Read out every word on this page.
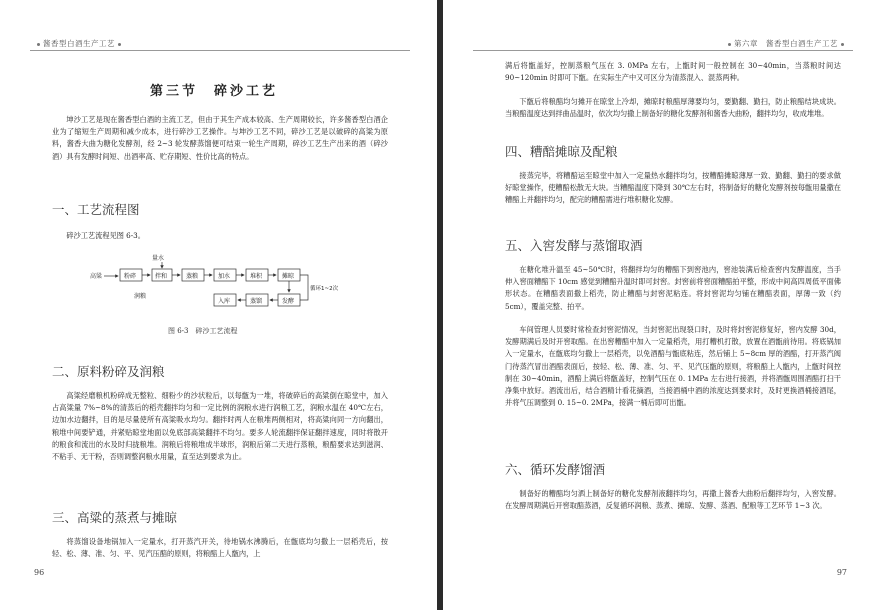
酱香型白酒生产工艺
第三节　碎沙工艺

坤沙工艺是现在酱香型白酒的主流工艺，但由于其生产成本较高、生产周期较长，许多酱香型白酒企业为了缩短生产周期和减少成本，进行碎沙工艺操作。与坤沙工艺不同，碎沙工艺是以破碎的高粱为原料，酱香大曲为糖化发酵剂，经 2~3 轮发酵蒸馏便可结束一轮生产周期，碎沙工艺生产出来的酒（碎沙酒）具有发酵时间短、出酒率高、贮存期短、性价比高的特点。

一、工艺流程图

碎沙工艺流程见图 6-3。

高粱	粉碎	拌和
量水
润粮
蒸粮	加水	堆积	摊晾
入库	蒸馏	发酵
循环1~2次
图 6-3　碎沙工艺流程
二、原料粉碎及润粮

高粱经磨粮机粉碎成无整粒、细粉少的沙状粒后，以每甑为一堆，将破碎后的高粱倒在晾堂中，加入占高粱量 7%~8%的清蒸后的稻壳翻拌均匀和一定比例的润粮水进行润粮工艺，润粮水温在 40℃左右，边加水边翻拌，目的是尽量使所有高粱吸水均匀。翻拌时两人在粮堆两侧相对，将高粱向同一方向翻出，粮堆中间要铲通，并紧贴晾堂地面以免底部高粱翻拌不均匀。要多人轮流翻拌保证翻拌速度，同时将散开的粮食和流出的水及时归拢粮堆。润粮后将粮堆成半球形，润粮后第二天进行蒸粮，粮醅要求达到滋润、不粘手、无干粉，否则调整润粮水用量，直至达到要求为止。

三、高粱的蒸煮与摊晾

将蒸馏设备地锅加入一定量水，打开蒸汽开关，待地锅水沸腾后，在甑底均匀撒上一层稻壳后，按轻、松、薄、准、匀、平、见汽压醅的原则，将粮醅上人甑内，上

96
第六章　酱香型白酒生产工艺

满后将甑盖好，控制蒸粮气压在 3. 0MPa 左右，上甑时间一般控制在 30~40min，当蒸粮时间达 90~120min 时即可下甑。在实际生产中又可区分为清蒸混入、混蒸两种。

下甑后将粮醅均匀摊开在晾堂上冷却，摊晾时粮醅厚薄要均匀，要勤翻、勤扫，防止粮醅结块成块。当粮醅温度达到拌曲品温时，依次均匀撒上制备好的糖化发酵剂和酱香大曲粉，翻拌均匀，收成堆堆。

四、糟醅摊晾及配粮

接蒸完毕，将糟醅运至晾堂中加入一定量热水翻拌均匀，按糟醅摊晾薄厚一致、勤翻、勤扫的要求做好晾堂操作，使糟醅松散无大块。当糟醅温度下降到 30℃左右时，将制备好的糖化发酵剂按每甑用量撒在糟醅上并翻拌均匀，配完的糟醅需进行堆积糖化发酵。

五、入窖发酵与蒸馏取酒

在糖化堆升温至 45~50℃时，将翻拌均匀的糟醅下到窖池内，窖池装满后检查窖内发酵温度，当手伸入窖面糟醅下 10cm 感觉到糟醅升温时即可封窖。封窖前将窖面糟醅拍平整，形成中间高四周低平面佛形状态。在糟醅表面撒上稻壳，防止糟醅与封窖泥粘连。将封窖泥均匀铺在糟醅表面，厚薄一致（约 5cm），覆盖完整、拍平。

车间管理人员要时常检查封窖泥情况，当封窖泥出现裂口时，及时将封窖泥修复好，窖内发酵 30d，发酵期满后及时开窖取醅。在出窖糟醅中加入一定量稻壳，用打糟机打散，放置在酒甑前待用。将底锅加入一定量水，在甑底均匀撒上一层稻壳，以免酒醅与甑底粘连，然后铺上 5~8cm 厚的酒醅，打开蒸汽阀门待蒸汽冒出酒醅表面后，按轻、松、薄、准、匀、平、见汽压甑的原则，将粮醅上人甑内，上甑时间控制在 30~40min，酒醅上满后将甑盖好，控制气压在 0. 1MPa 左右进行接酒，并将酒甑周围酒醅打扫干净集中放好。酒流出后，结合酒精计看花摘酒，当接酒桶中酒的浓度达到要求时，及时更换酒桶接酒尾，并将气压调整到 0. 15~0. 2MPa，接满一桶后即可出甑。

六、循环发酵馏酒

制备好的糟醅均匀洒上制备好的糖化发酵剂液翻拌均匀，再撒上酱香大曲粉后翻拌均匀，入窖发酵。在发酵周期满后开窖取醅蒸酒，反复循环润粮、蒸煮、摊晾、发酵、蒸酒、配粮等工艺环节 1~3 次。

97
